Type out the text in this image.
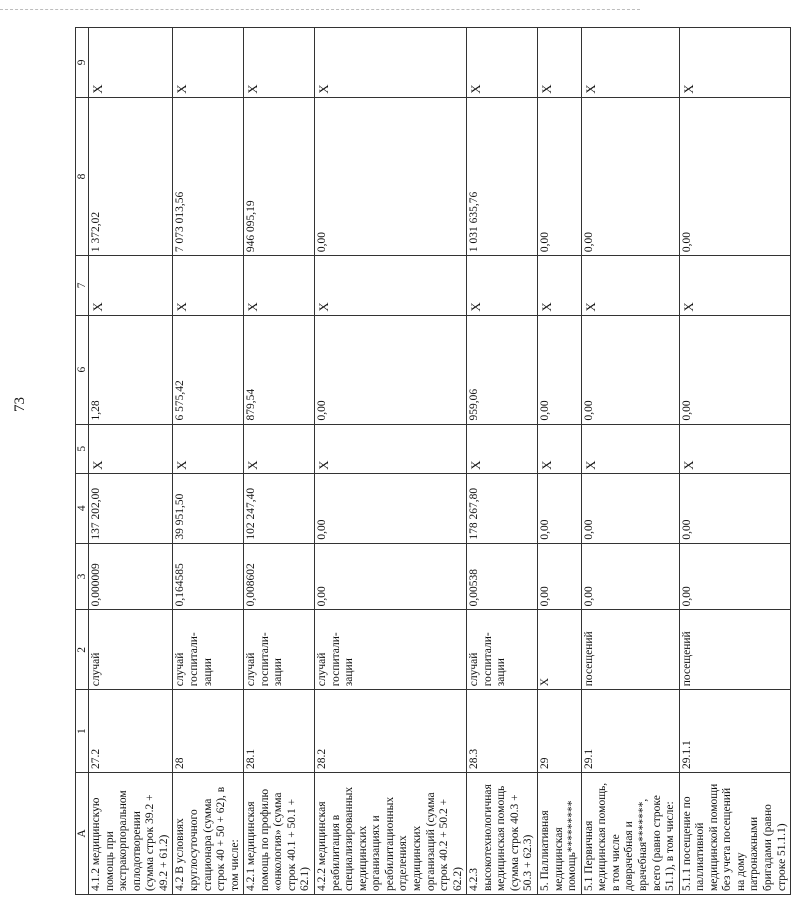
73
A	1	2	3	4	5	6	7	8	9
4.1.2 медицинскую помощь при экстракорпоральном оплодотворении (сумма строк 39.2 + 49.2 + 61.2)	27.2	случай	0,000009	137 202,00	X	1,28	X	1 372,02	X
4.2 В условиях круглосуточного стационара (сумма строк 40 + 50 + 62), в том числе:	28	случай госпитали-зации	0,164585	39 951,50	X	6 575,42	X	7 073 013,56	X
4.2.1 медицинская помощь по профилю «онкология» (сумма строк 40.1 + 50.1 + 62.1)	28.1	случай госпитали-зации	0,008602	102 247,40	X	879,54	X	946 095,19	X
4.2.2 медицинская реабилитация в специализированных медицинских организациях и реабилитационных отделениях медицинских организаций (сумма строк 40.2 + 50.2 + 62.2)	28.2	случай госпитали-зации	0,00	0,00	X	0,00	X	0,00	X
4.2.3 высокотехнологичная медицинская помощь (сумма строк 40.3 + 50.3 + 62.3)	28.3	случай госпитали-зации	0,00538	178 267,80	X	959,06	X	1 031 635,76	X
5. Паллиативная медицинская помощь*********	29	X	0,00	0,00	X	0,00	X	0,00	X
5.1 Первичная медицинская помощь, в том числе доврачебная и врачебная*******, всего (равно строке 51.1), в том числе:	29.1	посещений	0,00	0,00	X	0,00	X	0,00	X
5.1.1 посещение по паллиативной медицинской помощи без учета посещений на дому патронажными бригадами (равно строке 51.1.1)	29.1.1	посещений	0,00	0,00	X	0,00	X	0,00	X
